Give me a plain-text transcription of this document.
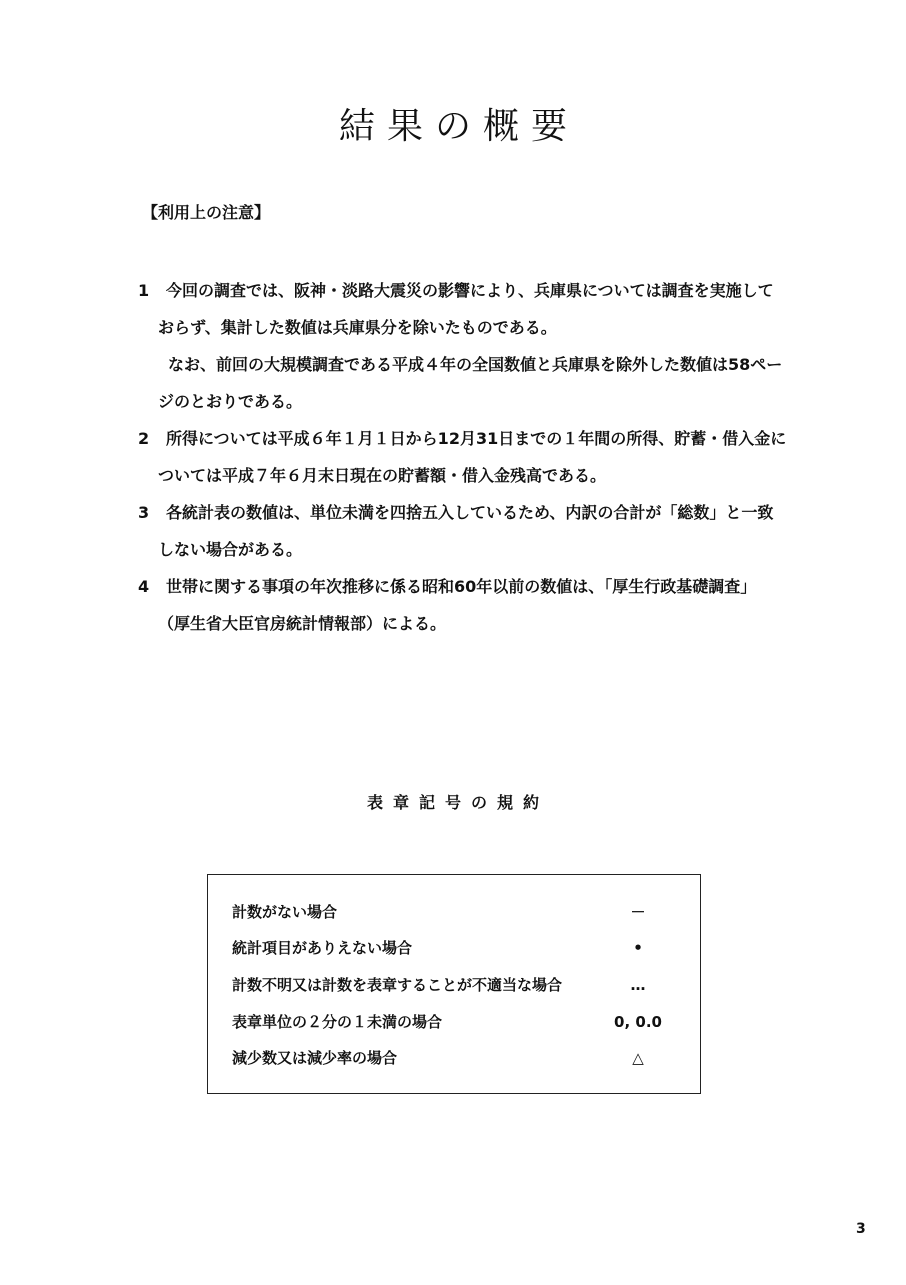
結果の概要
【利用上の注意】
1 今回の調査では、阪神・淡路大震災の影響により、兵庫県については調査を実施して
おらず、集計した数値は兵庫県分を除いたものである。
なお、前回の大規模調査である平成４年の全国数値と兵庫県を除外した数値は58ペー
ジのとおりである。
2 所得については平成６年１月１日から12月31日までの１年間の所得、貯蓄・借入金に
ついては平成７年６月末日現在の貯蓄額・借入金残高である。
3 各統計表の数値は、単位未満を四捨五入しているため、内訳の合計が「総数」と一致
しない場合がある。
4 世帯に関する事項の年次推移に係る昭和60年以前の数値は、「厚生行政基礎調査」
（厚生省大臣官房統計情報部）による。
表章記号の規約
計数がない場合	－
統計項目がありえない場合	•
計数不明又は計数を表章することが不適当な場合	…
表章単位の２分の１未満の場合	0, 0.0
減少数又は減少率の場合	△
3
